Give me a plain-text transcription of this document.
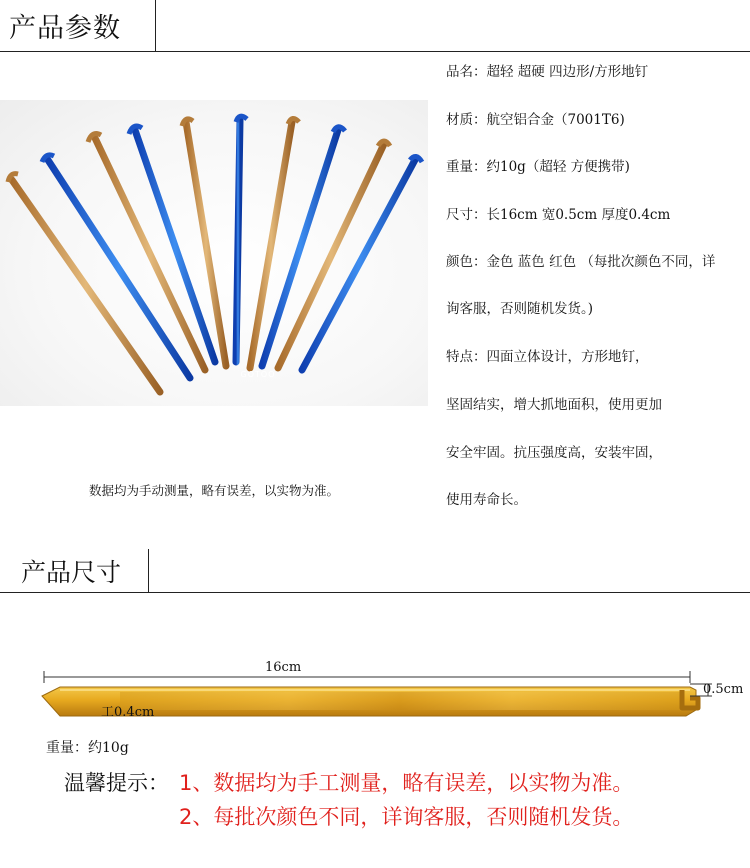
产品参数
GOTOO
数据均为手动测量，略有误差，以实物为准。
品名：超轻 超硬 四边形/方形地钉
材质：航空铝合金（7001T6)
重量：约10g（超轻 方便携带)
尺寸：长16cm 宽0.5cm 厚度0.4cm
颜色：金色 蓝色 红色 （每批次颜色不同，详
询客服，否则随机发货。)
特点：四面立体设计，方形地钉，
坚固结实，增大抓地面积，使用更加
安全牢固。抗压强度高，安装牢固，
使用寿命长。
产品尺寸
16cm
0.5cm
工0.4cm
重量：约10g
温馨提示： 1、数据均为手工测量，略有误差，以实物为准。
2、每批次颜色不同，详询客服，否则随机发货。
